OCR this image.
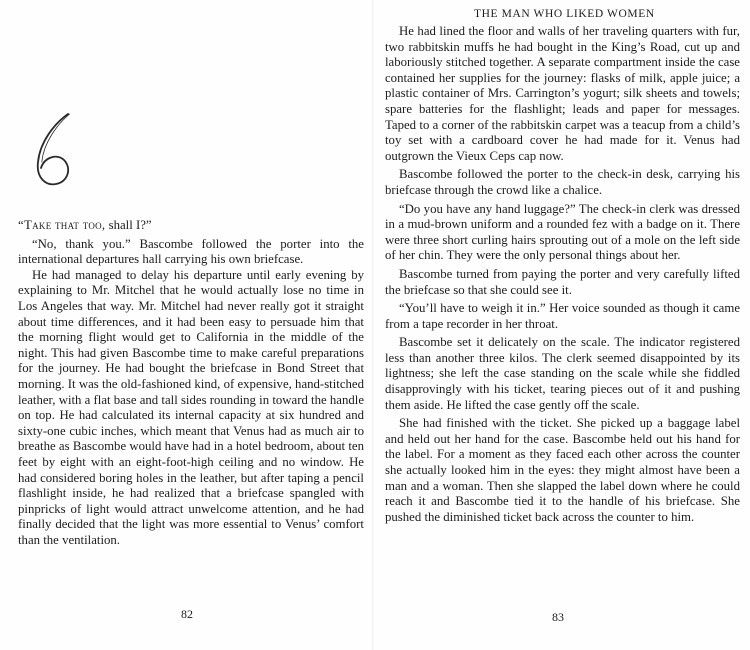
“Take that too, shall I?”

“No, thank you.” Bascombe followed the porter into the international departures hall carrying his own briefcase.

He had managed to delay his departure until early evening by explaining to Mr. Mitchel that he would actually lose no time in Los Angeles that way. Mr. Mitchel had never really got it straight about time differences, and it had been easy to persuade him that the morning flight would get to California in the middle of the night. This had given Bascombe time to make careful preparations for the journey. He had bought the briefcase in Bond Street that morning. It was the old-fashioned kind, of expensive, hand-stitched leather, with a flat base and tall sides rounding in toward the handle on top. He had calculated its internal capacity at six hundred and sixty-one cubic inches, which meant that Venus had as much air to breathe as Bascombe would have had in a hotel bedroom, about ten feet by eight with an eight-foot-high ceiling and no window. He had considered boring holes in the leather, but after taping a pencil flashlight inside, he had realized that a briefcase spangled with pinpricks of light would attract unwelcome attention, and he had finally decided that the light was more essential to Venus’ comfort than the ventilation.

82
THE MAN WHO LIKED WOMEN

He had lined the floor and walls of her traveling quarters with fur, two rabbitskin muffs he had bought in the King’s Road, cut up and laboriously stitched together. A separate compartment inside the case contained her supplies for the journey: flasks of milk, apple juice; a plastic container of Mrs. Carrington’s yogurt; silk sheets and towels; spare batteries for the flashlight; leads and paper for messages. Taped to a corner of the rabbitskin carpet was a teacup from a child’s toy set with a cardboard cover he had made for it. Venus had outgrown the Vieux Ceps cap now.

Bascombe followed the porter to the check-in desk, carrying his briefcase through the crowd like a chalice.

“Do you have any hand luggage?” The check-in clerk was dressed in a mud-brown uniform and a rounded fez with a badge on it. There were three short curling hairs sprouting out of a mole on the left side of her chin. They were the only personal things about her.

Bascombe turned from paying the porter and very carefully lifted the briefcase so that she could see it.

“You’ll have to weigh it in.” Her voice sounded as though it came from a tape recorder in her throat.

Bascombe set it delicately on the scale. The indicator registered less than another three kilos. The clerk seemed disappointed by its lightness; she left the case standing on the scale while she fiddled disapprovingly with his ticket, tearing pieces out of it and pushing them aside. He lifted the case gently off the scale.

She had finished with the ticket. She picked up a baggage label and held out her hand for the case. Bascombe held out his hand for the label. For a moment as they faced each other across the counter she actually looked him in the eyes: they might almost have been a man and a woman. Then she slapped the label down where he could reach it and Bascombe tied it to the handle of his briefcase. She pushed the diminished ticket back across the counter to him.

83
